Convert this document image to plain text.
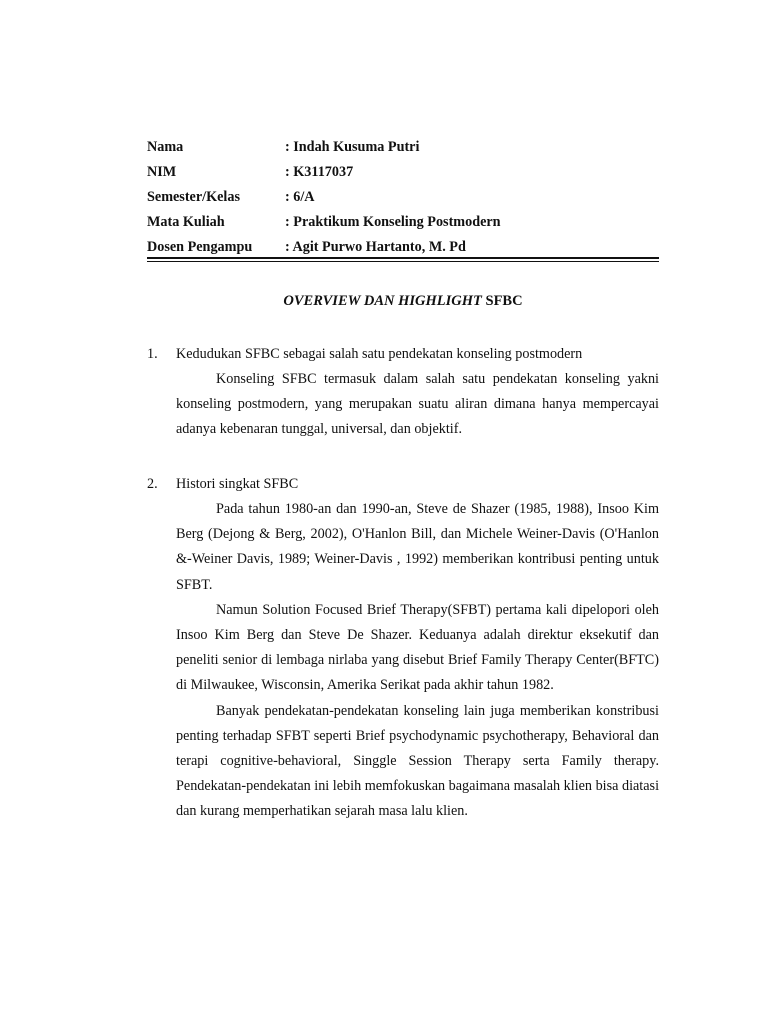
Nama	: Indah Kusuma Putri
NIM	: K3117037
Semester/Kelas	: 6/A
Mata Kuliah	: Praktikum Konseling Postmodern
Dosen Pengampu : Agit Purwo Hartanto, M. Pd
OVERVIEW DAN HIGHLIGHT SFBC
1. Kedudukan SFBC sebagai salah satu pendekatan konseling postmodern

Konseling SFBC termasuk dalam salah satu pendekatan konseling yakni konseling postmodern, yang merupakan suatu aliran dimana hanya mempercayai adanya kebenaran tunggal, universal, dan objektif.

2. Histori singkat SFBC

Pada tahun 1980-an dan 1990-an, Steve de Shazer (1985, 1988), Insoo Kim Berg (Dejong & Berg, 2002), O'Hanlon Bill, dan Michele Weiner-Davis (O'Hanlon &-Weiner Davis, 1989; Weiner-Davis , 1992) memberikan kontribusi penting untuk SFBT.

Namun Solution Focused Brief Therapy(SFBT) pertama kali dipelopori oleh Insoo Kim Berg dan Steve De Shazer. Keduanya adalah direktur eksekutif dan peneliti senior di lembaga nirlaba yang disebut Brief Family Therapy Center(BFTC) di Milwaukee, Wisconsin, Amerika Serikat pada akhir tahun 1982.

Banyak pendekatan-pendekatan konseling lain juga memberikan konstribusi penting terhadap SFBT seperti Brief psychodynamic psychotherapy, Behavioral dan terapi cognitive-behavioral, Singgle Session Therapy serta Family therapy. Pendekatan-pendekatan ini lebih memfokuskan bagaimana masalah klien bisa diatasi dan kurang memperhatikan sejarah masa lalu klien.
